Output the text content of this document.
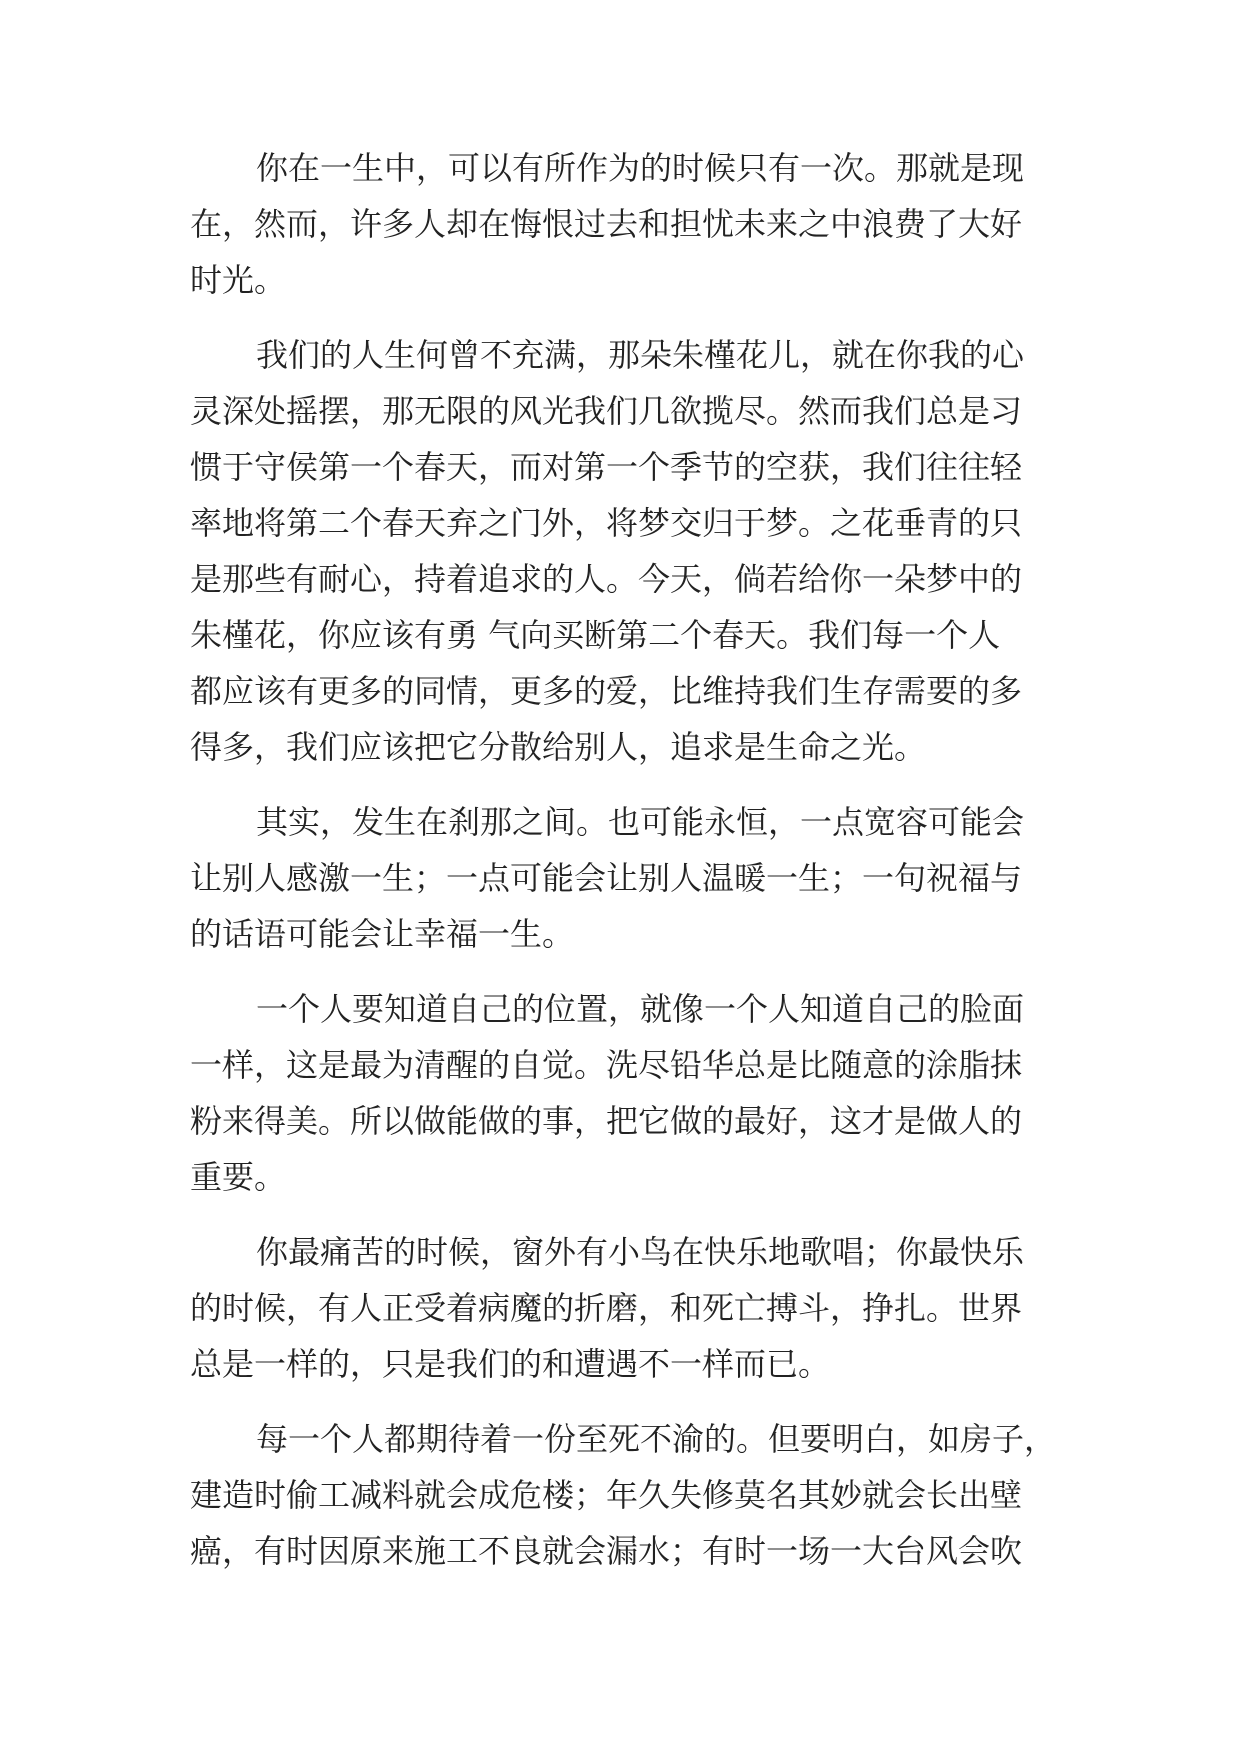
你在一生中，可以有所作为的时候只有一次。那就是现
在，然而，许多人却在悔恨过去和担忧未来之中浪费了大好
时光。
我们的人生何曾不充满，那朵朱槿花儿，就在你我的心
灵深处摇摆，那无限的风光我们几欲揽尽。然而我们总是习
惯于守侯第一个春天，而对第一个季节的空获，我们往往轻
率地将第二个春天弃之门外，将梦交归于梦。之花垂青的只
是那些有耐心，持着追求的人。今天，倘若给你一朵梦中的
朱槿花，你应该有勇 气向买断第二个春天。我们每一个人
都应该有更多的同情，更多的爱，比维持我们生存需要的多
得多，我们应该把它分散给别人，追求是生命之光。
其实，发生在刹那之间。也可能永恒，一点宽容可能会
让别人感激一生；一点可能会让别人温暖一生；一句祝福与
的话语可能会让幸福一生。
一个人要知道自己的位置，就像一个人知道自己的脸面
一样，这是最为清醒的自觉。洗尽铅华总是比随意的涂脂抹
粉来得美。所以做能做的事，把它做的最好，这才是做人的
重要。
你最痛苦的时候，窗外有小鸟在快乐地歌唱；你最快乐
的时候，有人正受着病魔的折磨，和死亡搏斗，挣扎。世界
总是一样的，只是我们的和遭遇不一样而已。
每一个人都期待着一份至死不渝的。但要明白，如房子，
建造时偷工减料就会成危楼；年久失修莫名其妙就会长出壁
癌，有时因原来施工不良就会漏水；有时一场一大台风会吹
